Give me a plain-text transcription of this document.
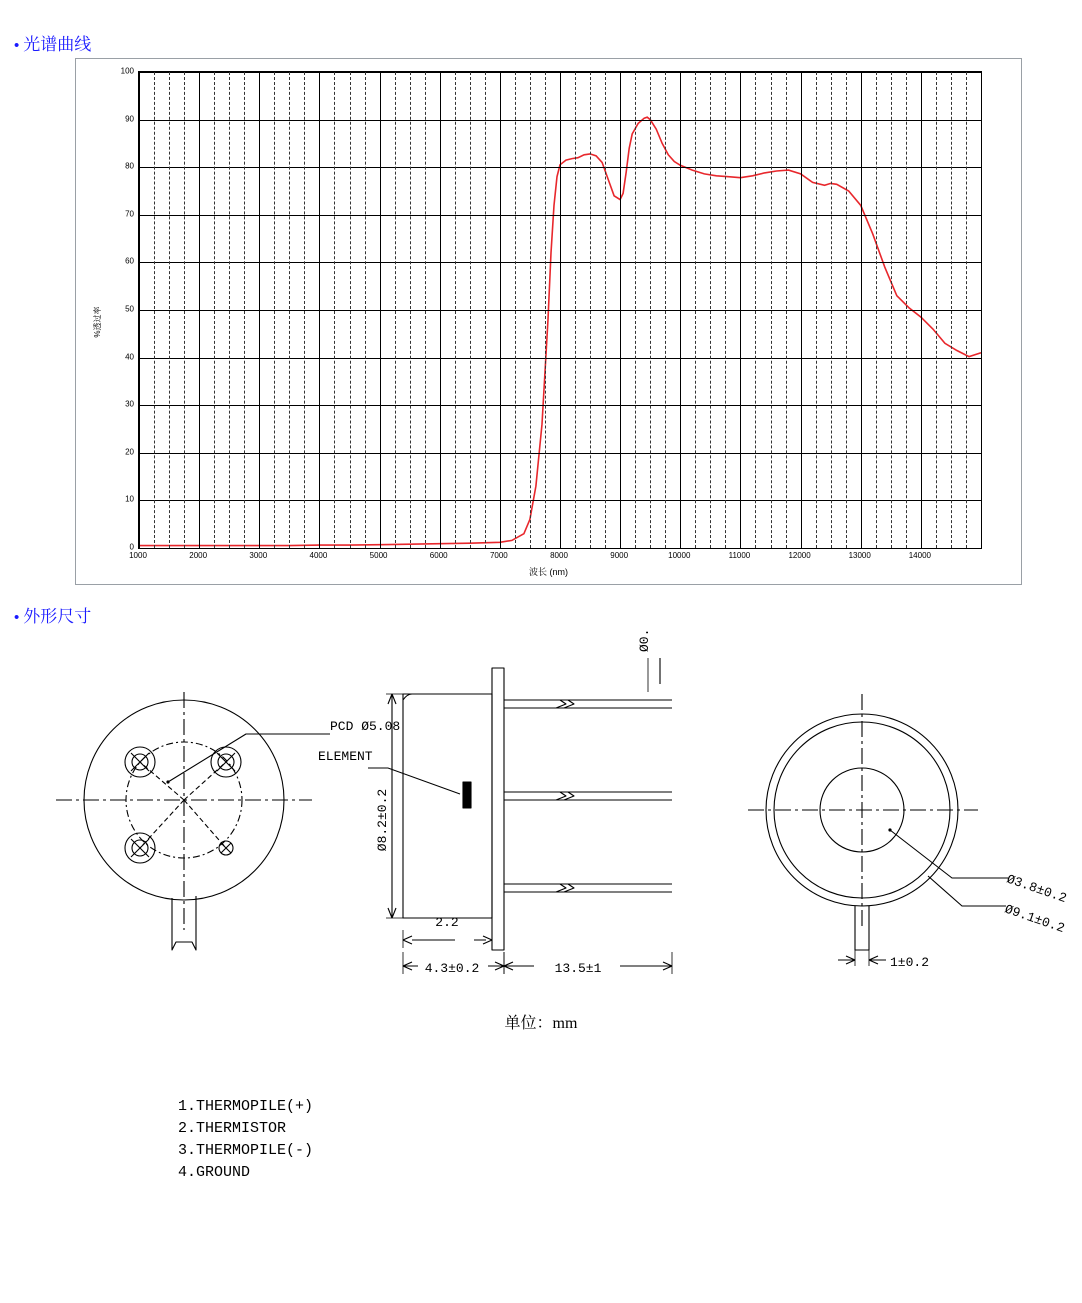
• 光谱曲线
• 外形尺寸
%透过率
0
10
20
30
40
50
60
70
80
90
100
1000	2000	3000	4000	5000	6000	7000	8000	9000	10000	11000	12000	13000	14000
波长 (nm)
PCD Ø5.08
ELEMENT
Ø8.2±0.2
Ø0.45
2.2
4.3±0.2	13.5±1
Ø3.8±0.2
Ø9.1±0.2
1±0.2
单位：mm
1.THERMOPILE(+)
2.THERMISTOR
3.THERMOPILE(-)
4.GROUND
